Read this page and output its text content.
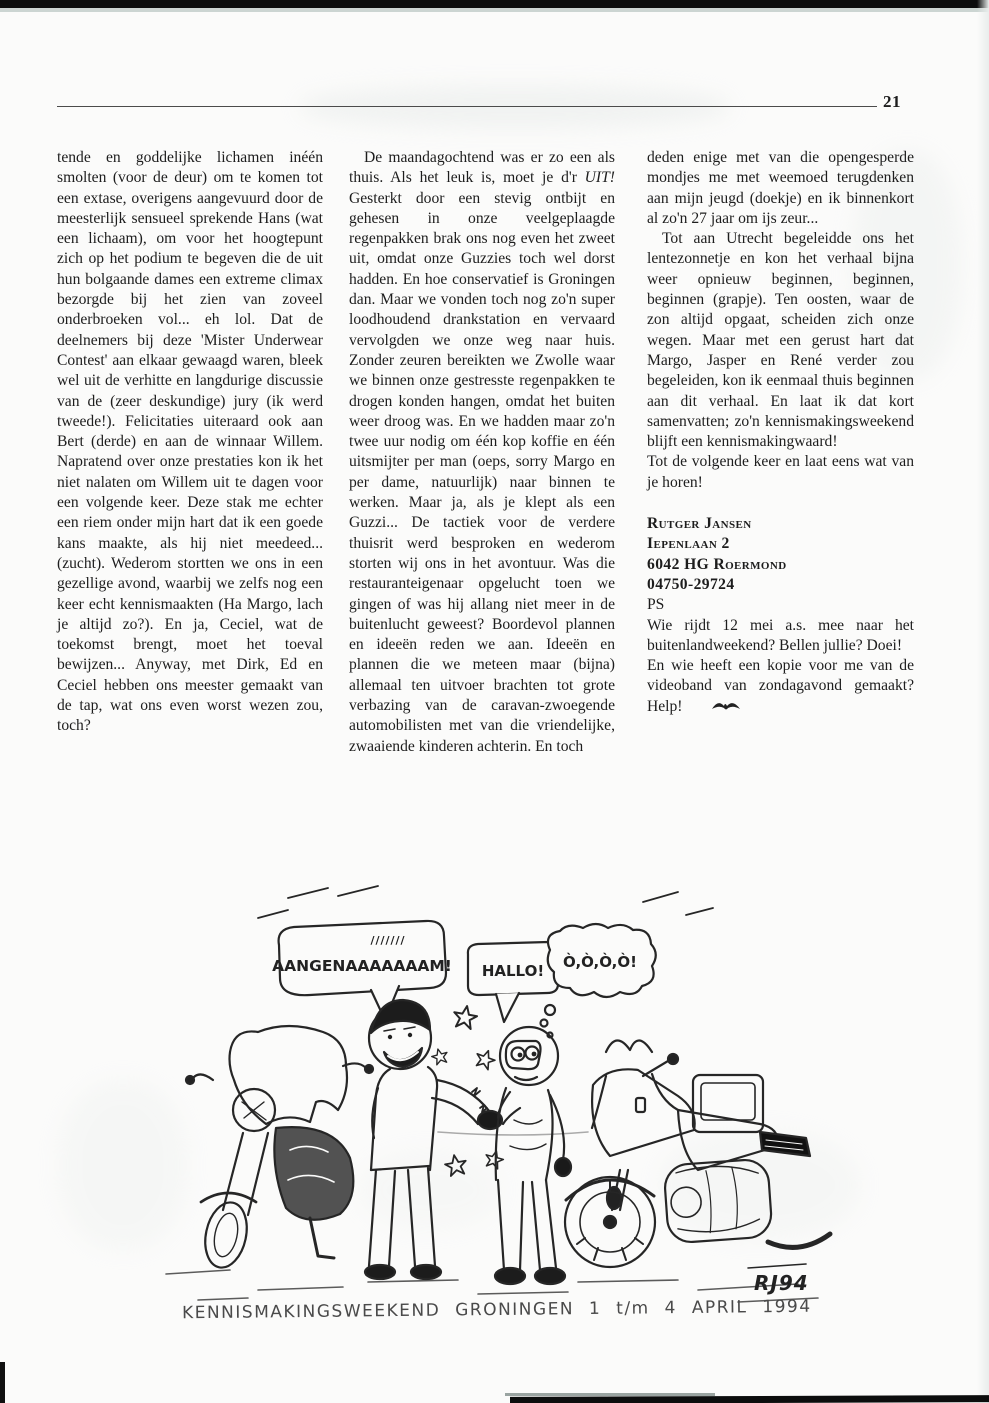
21

tende en goddelijke lichamen inéén smolten (voor de deur) om te komen tot een extase, overigens aangevuurd door de meesterlijk sensueel sprekende Hans (wat een lichaam), om voor het hoogtepunt zich op het podium te begeven die de uit hun bolgaande dames een extreme climax bezorgde bij het zien van zoveel onderbroeken vol... eh lol. Dat de deelnemers bij deze 'Mister Underwear Contest' aan elkaar gewaagd waren, bleek wel uit de verhitte en langdurige discussie van de (zeer deskundige) jury (ik werd tweede!). Felicitaties uiteraard ook aan Bert (derde) en aan de winnaar Willem. Napratend over onze prestaties kon ik het niet nalaten om Willem uit te dagen voor een volgende keer. Deze stak me echter een riem onder mijn hart dat ik een goede kans maakte, als hij niet meedeed... (zucht). Wederom stortten we ons in een gezellige avond, waarbij we zelfs nog een keer echt kennismaakten (Ha Margo, lach je altijd zo?). En ja, Ceciel, wat de toekomst brengt, moet het toeval bewijzen... Anyway, met Dirk, Ed en Ceciel hebben ons meester gemaakt van de tap, wat ons even worst wezen zou, toch?

De maandagochtend was er zo een als thuis. Als het leuk is, moet je d'r UIT! Gesterkt door een stevig ontbijt en gehesen in onze veelgeplaagde regenpakken brak ons nog even het zweet uit, omdat onze Guzzies toch wel dorst hadden. En hoe conservatief is Groningen dan. Maar we vonden toch nog zo'n super loodhoudend drankstation en vervaard vervolgden we onze weg naar huis. Zonder zeuren bereikten we Zwolle waar we binnen onze gestresste regenpakken te drogen konden hangen, omdat het buiten weer droog was. En we hadden maar zo'n twee uur nodig om één kop koffie en één uitsmijter per man (oeps, sorry Margo en per dame, natuurlijk) naar binnen te werken. Maar ja, als je klept als een Guzzi... De tactiek voor de verdere thuisrit werd besproken en wederom storten wij ons in het avontuur. Was die restauranteigenaar opgelucht toen we gingen of was hij allang niet meer in de buitenlucht geweest? Boordevol plannen en ideeën reden we aan. Ideeën en plannen die we meteen maar (bijna) allemaal ten uitvoer brachten tot grote verbazing van de caravan-zwoegende automobilisten met van die vriendelijke, zwaaiende kinderen achterin. En toch

deden enige met van die opengesperde mondjes me met weemoed terugdenken aan mijn jeugd (doekje) en ik binnenkort al zo'n 27 jaar om ijs zeur...

Tot aan Utrecht begeleidde ons het lentezonnetje en kon het verhaal bijna weer opnieuw beginnen, beginnen, beginnen (grapje). Ten oosten, waar de zon altijd opgaat, scheiden zich onze wegen. Maar met een gerust hart dat Margo, Jasper en René verder zou begeleiden, kon ik eenmaal thuis beginnen aan dit verhaal. En laat ik dat kort samenvatten; zo'n kennismakingsweekend blijft een kennismakingwaard!

Tot de volgende keer en laat eens wat van je horen!

Rutger Jansen
Iepenlaan 2
6042 HG Roermond
04750-29724

PS

Wie rijdt 12 mei a.s. mee naar het buitenlandweekend? Bellen jullie? Doei!

En wie heeft een kopie voor me van de videoband van zondagavond gemaakt? Help!

///////
AANGENAAAAAAAM! HALLO! Ò,Ò,Ò,Ò!
RJ94
KENNISMAKINGSWEEKEND GRONINGEN 1 t/m 4 APRIL 1994
